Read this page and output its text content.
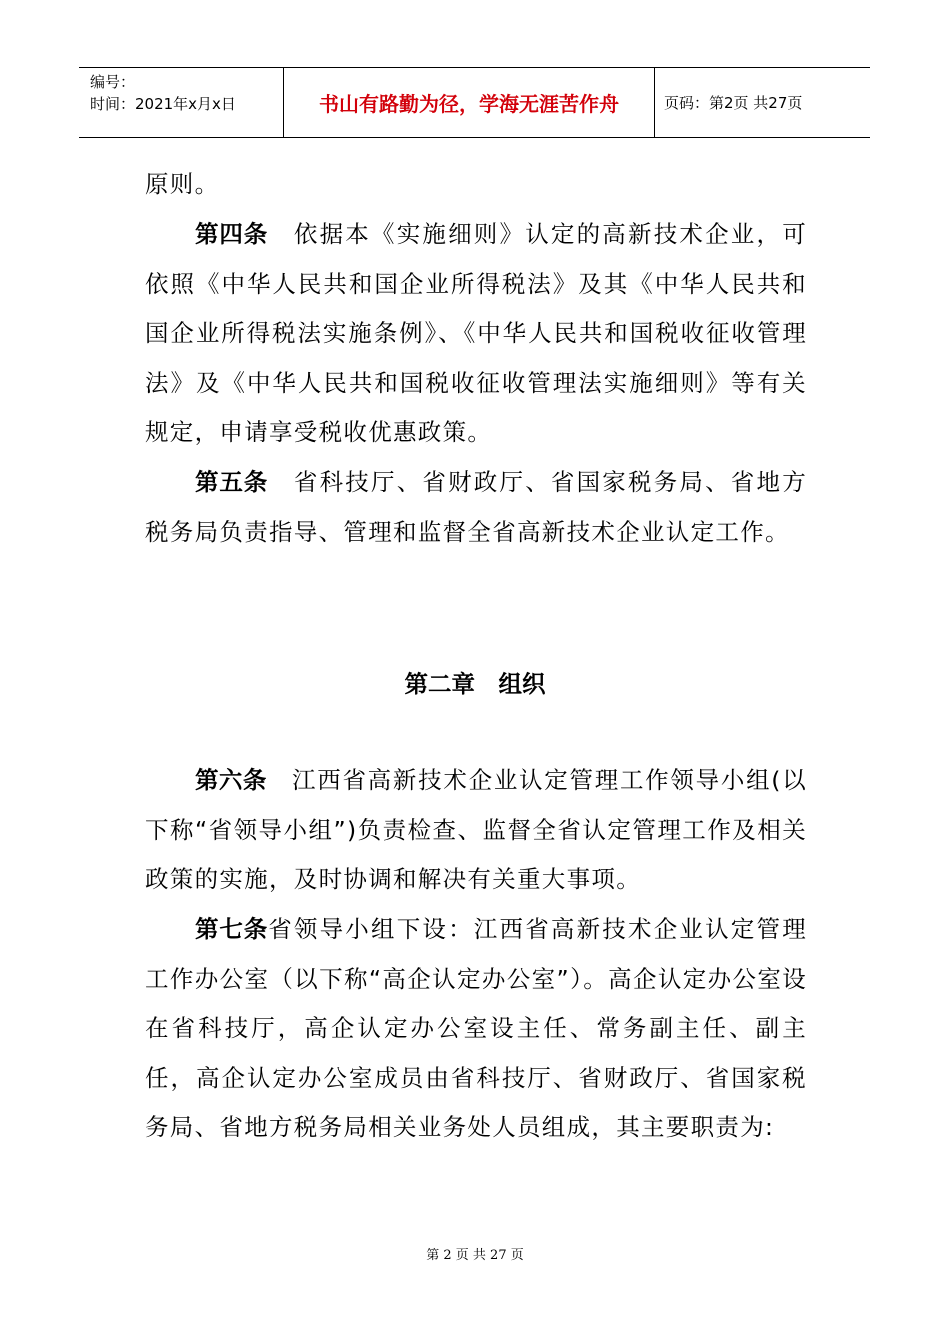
编号：
时间：2021年x月x日	书山有路勤为径，学海无涯苦作舟	页码：第2页 共27页

原则。

第四条　依据本《实施细则》认定的高新技术企业，可依照《中华人民共和国企业所得税法》及其《中华人民共和国企业所得税法实施条例》、《中华人民共和国税收征收管理法》及《中华人民共和国税收征收管理法实施细则》等有关规定，申请享受税收优惠政策。

第五条　省科技厅、省财政厅、省国家税务局、省地方税务局负责指导、管理和监督全省高新技术企业认定工作。

第二章　组织

第六条　江西省高新技术企业认定管理工作领导小组(以下称“省领导小组”)负责检查、监督全省认定管理工作及相关政策的实施，及时协调和解决有关重大事项。

第七条省领导小组下设：江西省高新技术企业认定管理工作办公室（以下称“高企认定办公室”）。高企认定办公室设在省科技厅，高企认定办公室设主任、常务副主任、副主任，高企认定办公室成员由省科技厅、省财政厅、省国家税务局、省地方税务局相关业务处人员组成，其主要职责为:

第 2 页 共 27 页
